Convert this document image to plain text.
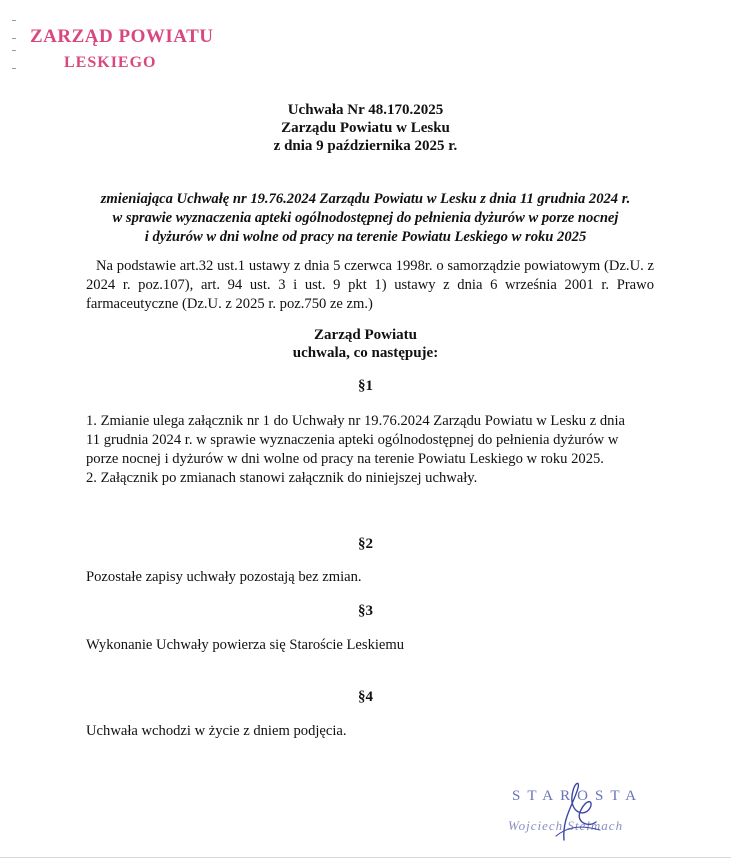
ZARZĄD POWIATU
LESKIEGO
Uchwała Nr 48.170.2025
Zarządu Powiatu w Lesku
z dnia 9 października 2025 r.
zmieniająca Uchwałę nr 19.76.2024 Zarządu Powiatu w Lesku z dnia 11 grudnia 2024 r.
w sprawie wyznaczenia apteki ogólnodostępnej do pełnienia dyżurów w porze nocnej
i dyżurów w dni wolne od pracy na terenie Powiatu Leskiego w roku 2025
Na podstawie art.32 ust.1 ustawy z dnia 5 czerwca 1998r. o samorządzie powiatowym (Dz.U. z 2024 r. poz.107), art. 94 ust. 3 i ust. 9 pkt 1) ustawy z dnia 6 września 2001 r. Prawo farmaceutyczne (Dz.U. z 2025 r. poz.750 ze zm.)
Zarząd Powiatu
uchwala, co następuje:
§1
1. Zmianie ulega załącznik nr 1 do Uchwały nr 19.76.2024 Zarządu Powiatu w Lesku z dnia
11 grudnia 2024 r. w sprawie wyznaczenia apteki ogólnodostępnej do pełnienia dyżurów w
porze nocnej i dyżurów w dni wolne od pracy na terenie Powiatu Leskiego w roku 2025.
2. Załącznik po zmianach stanowi załącznik do niniejszej uchwały.
§2
Pozostałe zapisy uchwały pozostają bez zmian.
§3
Wykonanie Uchwały powierza się Staroście Leskiemu
§4
Uchwała wchodzi w życie z dniem podjęcia.
STAROSTA
Wojciech Stelmach
